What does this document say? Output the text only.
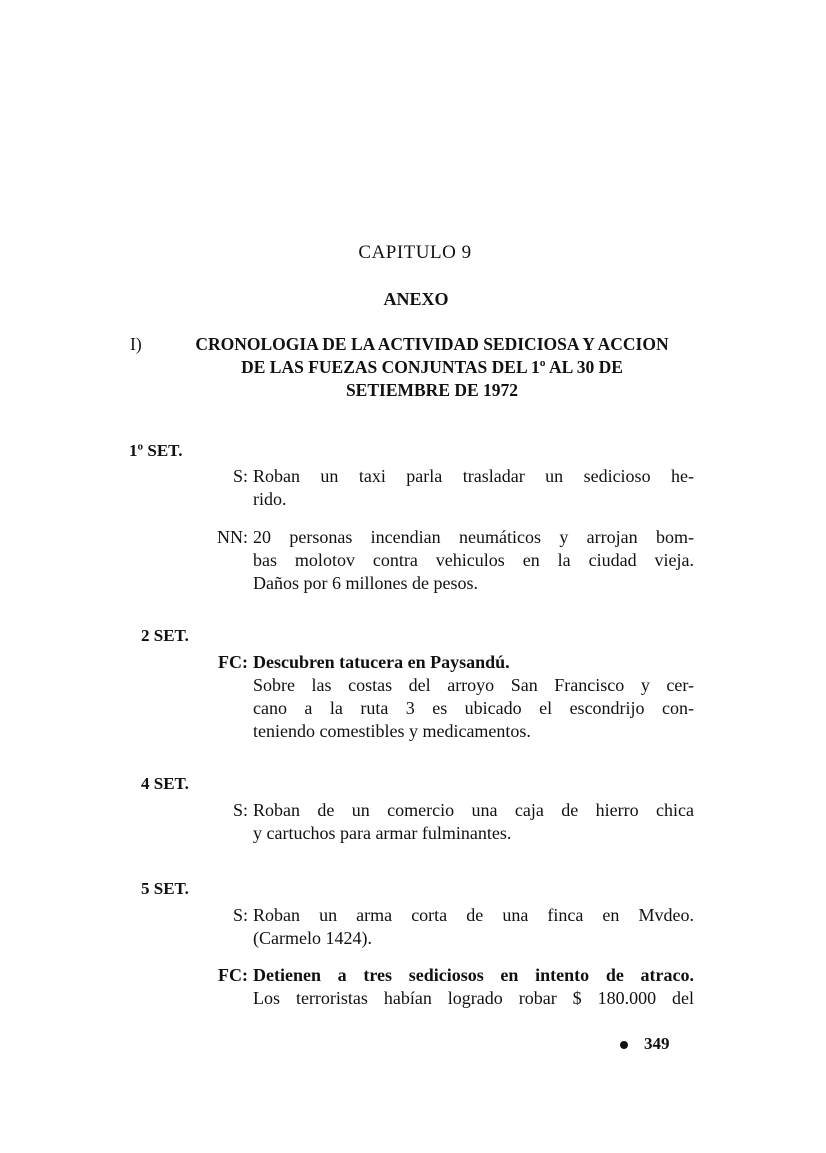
CAPITULO 9
ANEXO
I)	CRONOLOGIA DE LA ACTIVIDAD SEDICIOSA Y ACCION
DE LAS FUEZAS CONJUNTAS DEL 1º AL 30 DE
SETIEMBRE DE 1972
1º SET.
S: Roban un taxi parla trasladar un sedicioso he-
rido.
NN: 20 personas incendian neumáticos y arrojan bom-
bas molotov contra vehiculos en la ciudad vieja.
Daños por 6 millones de pesos.
2 SET.
FC: Descubren tatucera en Paysandú.
Sobre las costas del arroyo San Francisco y cer-
cano a la ruta 3 es ubicado el escondrijo con-
teniendo comestibles y medicamentos.
4 SET.
S: Roban de un comercio una caja de hierro chica
y cartuchos para armar fulminantes.
5 SET.
S: Roban un arma corta de una finca en Mvdeo.
(Carmelo 1424).
FC: Detienen a tres sediciosos en intento de atraco.
Los terroristas habían logrado robar $ 180.000 del
349
